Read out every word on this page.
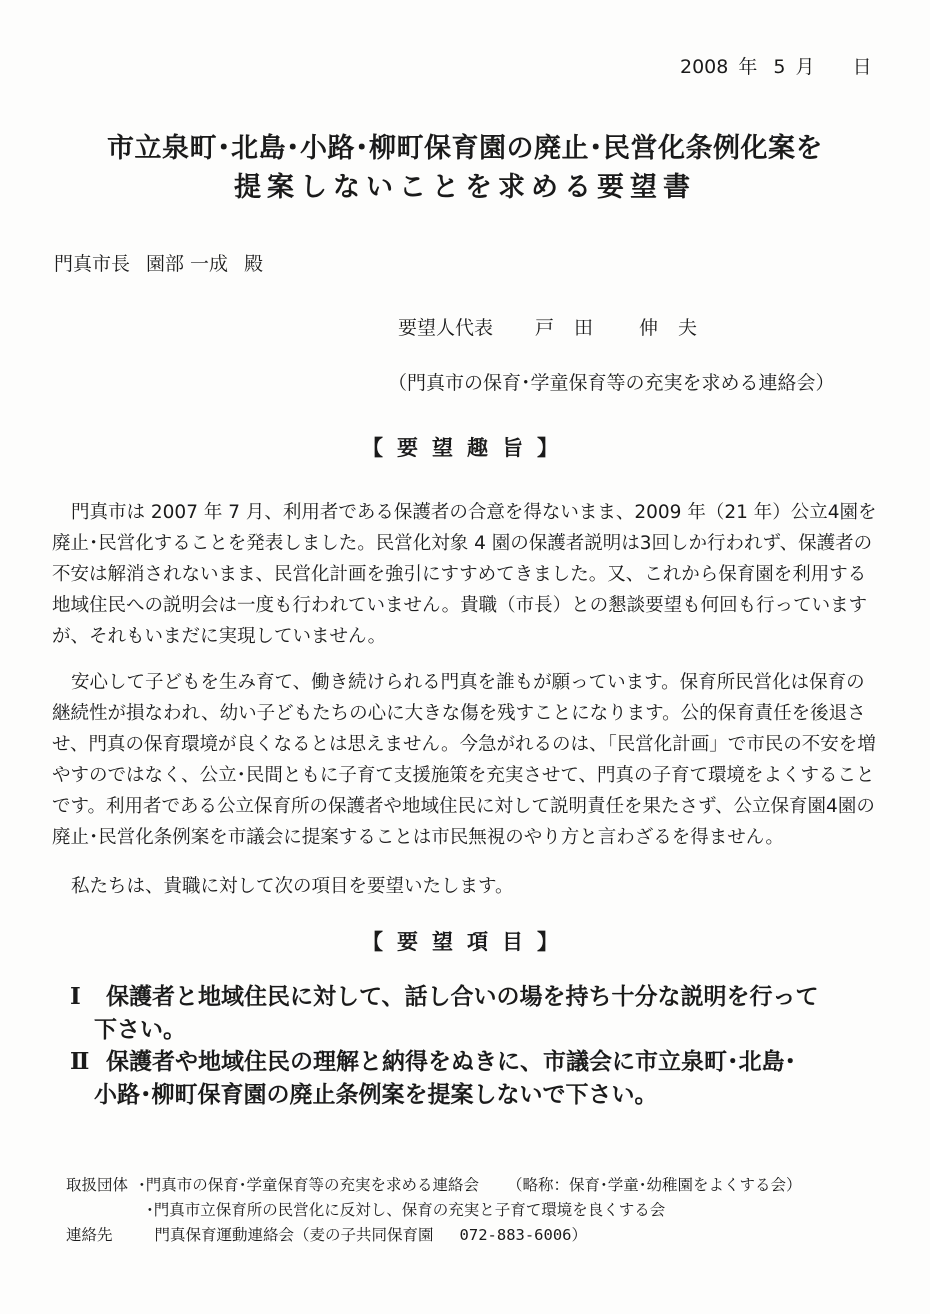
2008 年 5 月 日
市立泉町･北島･小路･柳町保育園の廃止･民営化条例化案を
提案しないことを求める要望書
門真市長 園部 一成 殿
要望人代表 戸田 伸夫
（門真市の保育･学童保育等の充実を求める連絡会）
【要望趣旨】

門真市は 2007 年 7 月、利用者である保護者の合意を得ないまま、2009 年（21 年）公立4園を廃止･民営化することを発表しました。民営化対象 4 園の保護者説明は3回しか行われず、保護者の不安は解消されないまま、民営化計画を強引にすすめてきました。又、これから保育園を利用する地域住民への説明会は一度も行われていません。貴職（市長）との懇談要望も何回も行っていますが、それもいまだに実現していません。

安心して子どもを生み育て、働き続けられる門真を誰もが願っています。保育所民営化は保育の継続性が損なわれ、幼い子どもたちの心に大きな傷を残すことになります。公的保育責任を後退させ、門真の保育環境が良くなるとは思えません。今急がれるのは、「民営化計画」で市民の不安を増やすのではなく、公立･民間ともに子育て支援施策を充実させて、門真の子育て環境をよくすることです。利用者である公立保育所の保護者や地域住民に対して説明責任を果たさず、公立保育園4園の廃止･民営化条例案を市議会に提案することは市民無視のやり方と言わざるを得ません。

私たちは、貴職に対して次の項目を要望いたします。

【要望項目】
Ⅰ 保護者と地域住民に対して、話し合いの場を持ち十分な説明を行って
下さい。
Ⅱ 保護者や地域住民の理解と納得をぬきに、市議会に市立泉町･北島･
小路･柳町保育園の廃止条例案を提案しないで下さい。
取扱団体 ･門真市の保育･学童保育等の充実を求める連絡会 （略称：保育･学童･幼稚園をよくする会）
･門真市立保育所の民営化に反対し、保育の充実と子育て環境を良くする会
連絡先	門真保育運動連絡会（麦の子共同保育園 072-883-6006）
